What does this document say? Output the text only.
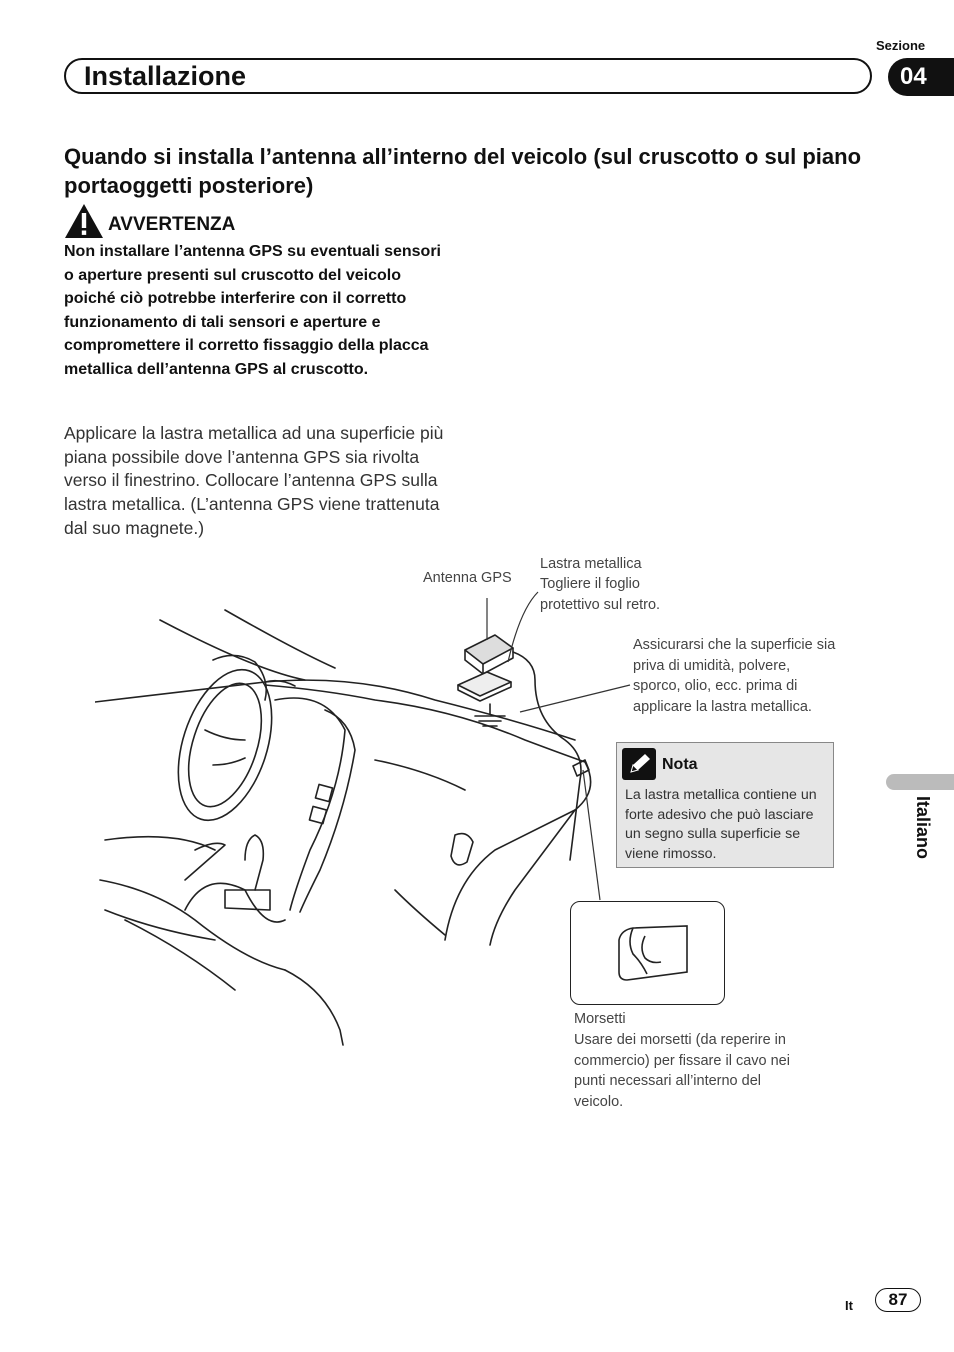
Sezione
Installazione	04
Quando si installa l’antenna all’interno del veicolo (sul cruscotto o sul piano portaoggetti posteriore)
AVVERTENZA
Non installare l’antenna GPS su eventuali sensori o aperture presenti sul cruscotto del veicolo poiché ciò potrebbe interferire con il corretto funzionamento di tali sensori e aperture e compromettere il corretto fissaggio della placca metallica dell’antenna GPS al cruscotto.
Applicare la lastra metallica ad una superficie più piana possibile dove l’antenna GPS sia rivolta verso il finestrino. Collocare l’antenna GPS sulla lastra metallica. (L’antenna GPS viene trattenuta dal suo magnete.)
Antenna GPS
Lastra metallica
Togliere il foglio protettivo sul retro.
Assicurarsi che la superficie sia priva di umidità, polvere, sporco, olio, ecc. prima di applicare la lastra metallica.
Morsetti
Usare dei morsetti (da reperire in commercio) per fissare il cavo nei punti necessari all’interno del veicolo.
Nota
La lastra metallica contiene un forte adesivo che può lasciare un segno sulla superficie se viene rimosso.	Italiano
It	87
